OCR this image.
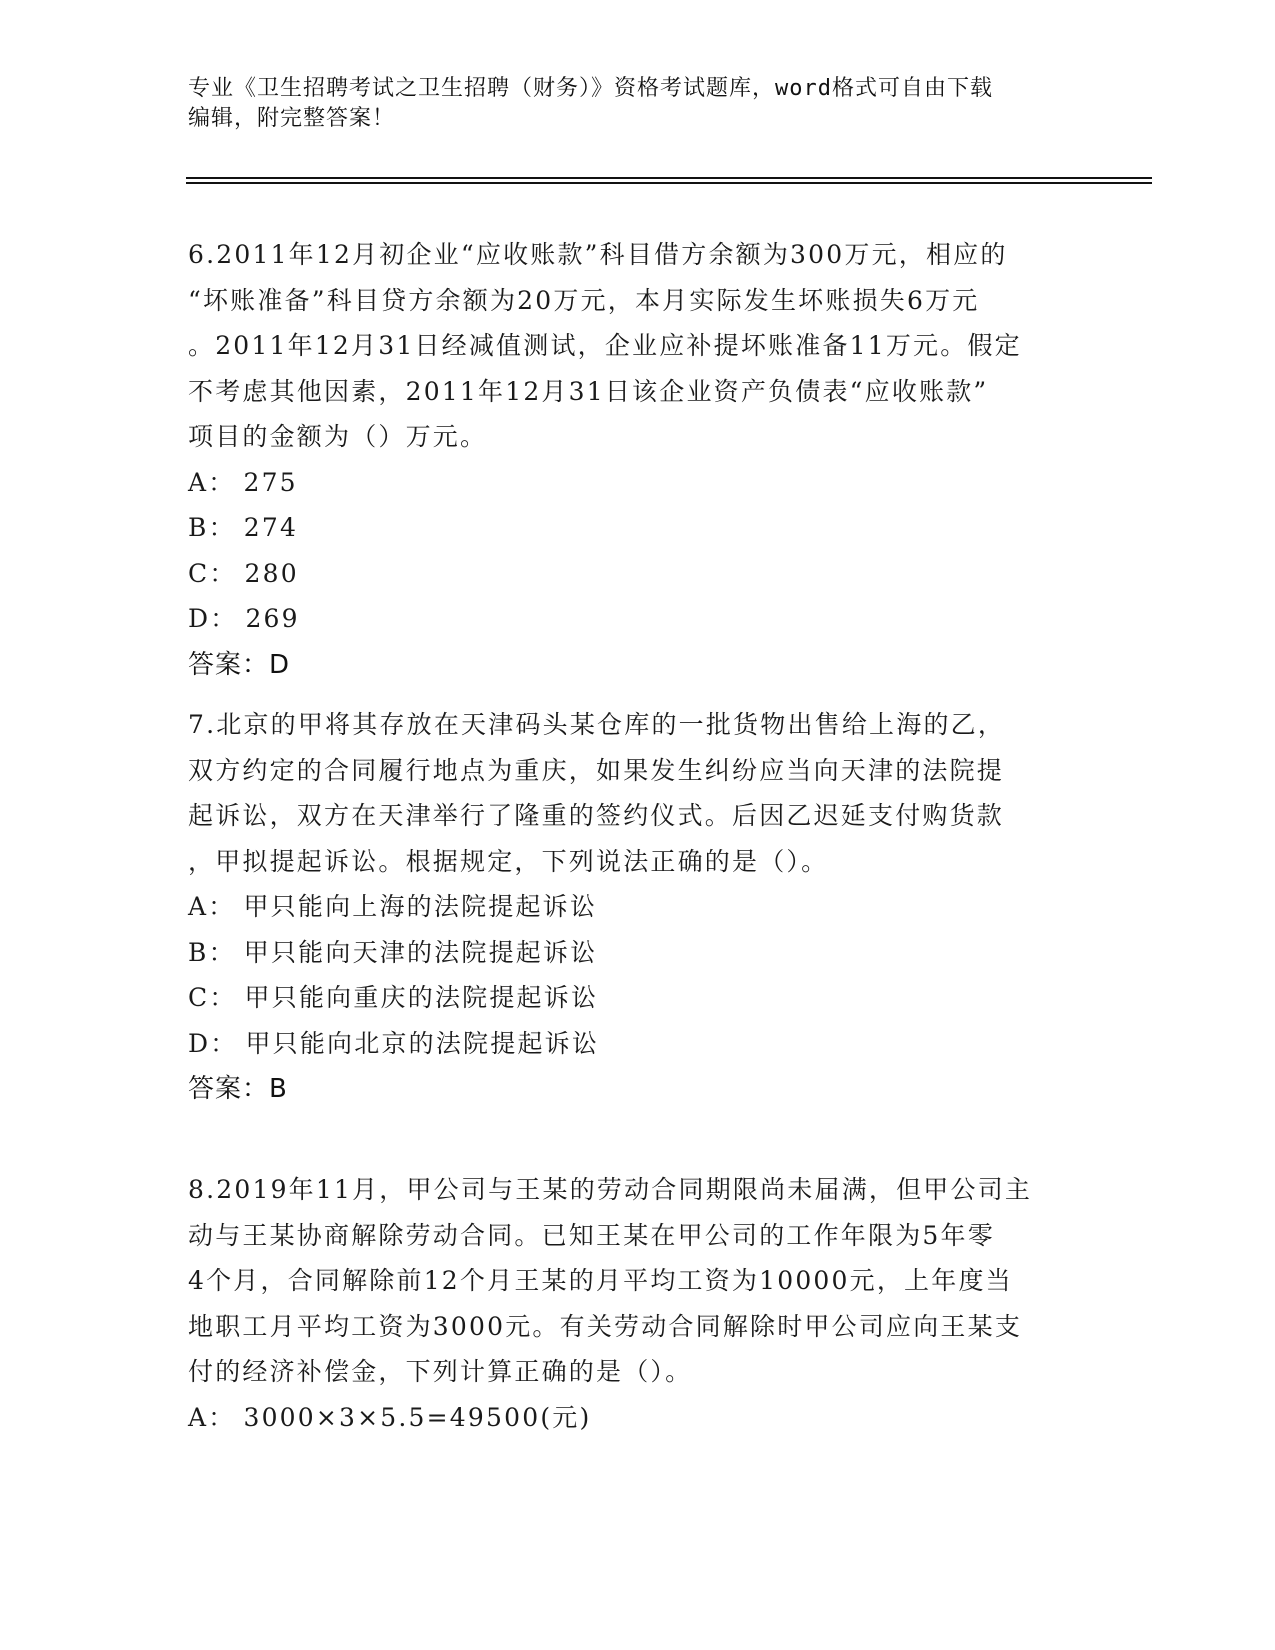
专业《卫生招聘考试之卫生招聘（财务）》资格考试题库，word格式可自由下载
编辑，附完整答案！
6.2011年12月初企业“应收账款”科目借方余额为300万元，相应的
“坏账准备”科目贷方余额为20万元，本月实际发生坏账损失6万元
。2011年12月31日经减值测试，企业应补提坏账准备11万元。假定
不考虑其他因素，2011年12月31日该企业资产负债表“应收账款”
项目的金额为（）万元。
A： 275
B： 274
C： 280
D： 269
答案：D
7.北京的甲将其存放在天津码头某仓库的一批货物出售给上海的乙，
双方约定的合同履行地点为重庆，如果发生纠纷应当向天津的法院提
起诉讼，双方在天津举行了隆重的签约仪式。后因乙迟延支付购货款
，甲拟提起诉讼。根据规定，下列说法正确的是（）。
A： 甲只能向上海的法院提起诉讼
B： 甲只能向天津的法院提起诉讼
C： 甲只能向重庆的法院提起诉讼
D： 甲只能向北京的法院提起诉讼
答案：B
8.2019年11月，甲公司与王某的劳动合同期限尚未届满，但甲公司主
动与王某协商解除劳动合同。已知王某在甲公司的工作年限为5年零
4个月，合同解除前12个月王某的月平均工资为10000元，上年度当
地职工月平均工资为3000元。有关劳动合同解除时甲公司应向王某支
付的经济补偿金，下列计算正确的是（）。
A： 3000×3×5.5=49500(元)
